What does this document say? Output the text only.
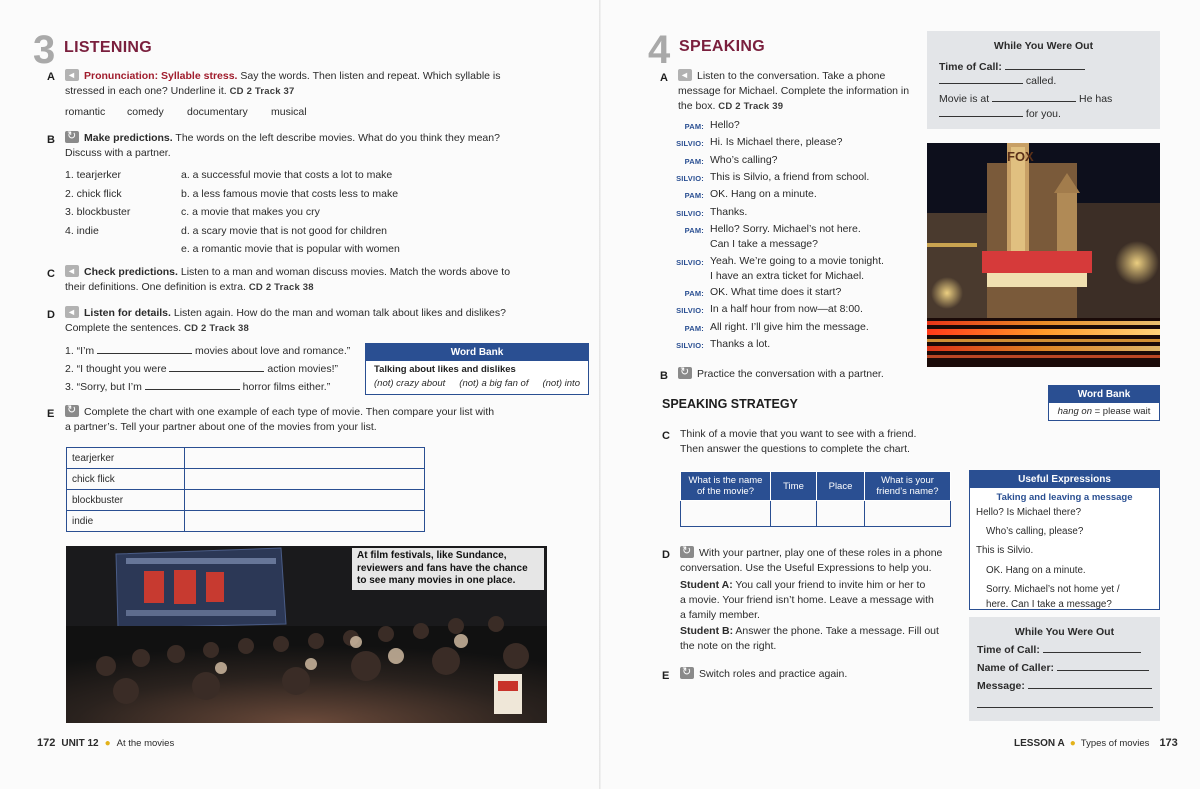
3 LISTENING
A ◄	Pronunciation: Syllable stress. Say the words. Then listen and repeat. Which syllable is
stressed in each one? Underline it. CD 2 Track 37
romantic comedy documentary musical
B ↻	Make predictions. The words on the left describe movies. What do you think they mean?
Discuss with a partner.
1. tearjerker
2. chick flick
3. blockbuster
4. indie
a. a successful movie that costs a lot to make
b. a less famous movie that costs less to make
c. a movie that makes you cry
d. a scary movie that is not good for children
e. a romantic movie that is popular with women
C ◄	Check predictions. Listen to a man and woman discuss movies. Match the words above to
their definitions. One definition is extra. CD 2 Track 38
D ◄	Listen for details. Listen again. How do the man and woman talk about likes and dislikes?
Complete the sentences. CD 2 Track 38
1. “I’m	movies about love and romance.”
2. “I thought you were	action movies!”
3. “Sorry, but I’m	horror films either.”
Word Bank
Talking about likes and dislikes
(not) crazy about (not) a big fan of (not) into
E ↻	Complete the chart with one example of each type of movie. Then compare your list with
a partner’s. Tell your partner about one of the movies from your list.
tearjerker	
chick flick	
blockbuster	
indie	
At film festivals, like Sundance, reviewers and fans have the chance to see many movies in one place.
172 UNIT 12 ● At the movies
4 SPEAKING
A ◄	Listen to the conversation. Take a phone
message for Michael. Complete the information in
the box. CD 2 Track 39
PAM: Hello?
SILVIO: Hi. Is Michael there, please?
PAM: Who’s calling?
SILVIO: This is Silvio, a friend from school.
PAM: OK. Hang on a minute.
SILVIO: Thanks.
PAM: Hello? Sorry. Michael’s not here.
Can I take a message?
SILVIO: Yeah. We’re going to a movie tonight.
I have an extra ticket for Michael.
PAM: OK. What time does it start?
SILVIO: In a half hour from now—at 8:00.
PAM: All right. I’ll give him the message.
SILVIO: Thanks a lot.
While You Were Out
Time of Call:
called.
Movie is at	He has
for you.
FOX
B ↻	Practice the conversation with a partner.
Word Bank
hang on = please wait
SPEAKING STRATEGY
C Think of a movie that you want to see with a friend.
Then answer the questions to complete the chart.
What is the name of the movie?	Time	Place	What is your friend’s name?

Useful Expressions
Taking and leaving a message
Hello? Is Michael there?
Who’s calling, please?
This is Silvio.
OK. Hang on a minute.
Sorry. Michael’s not home yet /
here. Can I take a message?
D ↻	With your partner, play one of these roles in a phone
conversation. Use the Useful Expressions to help you.
Student A: You call your friend to invite him or her to
a movie. Your friend isn’t home. Leave a message with
a family member.
Student B: Answer the phone. Take a message. Fill out
the note on the right.
E ↻	Switch roles and practice again.
While You Were Out
Time of Call:
Name of Caller:
Message:
LESSON A ● Types of movies 173
